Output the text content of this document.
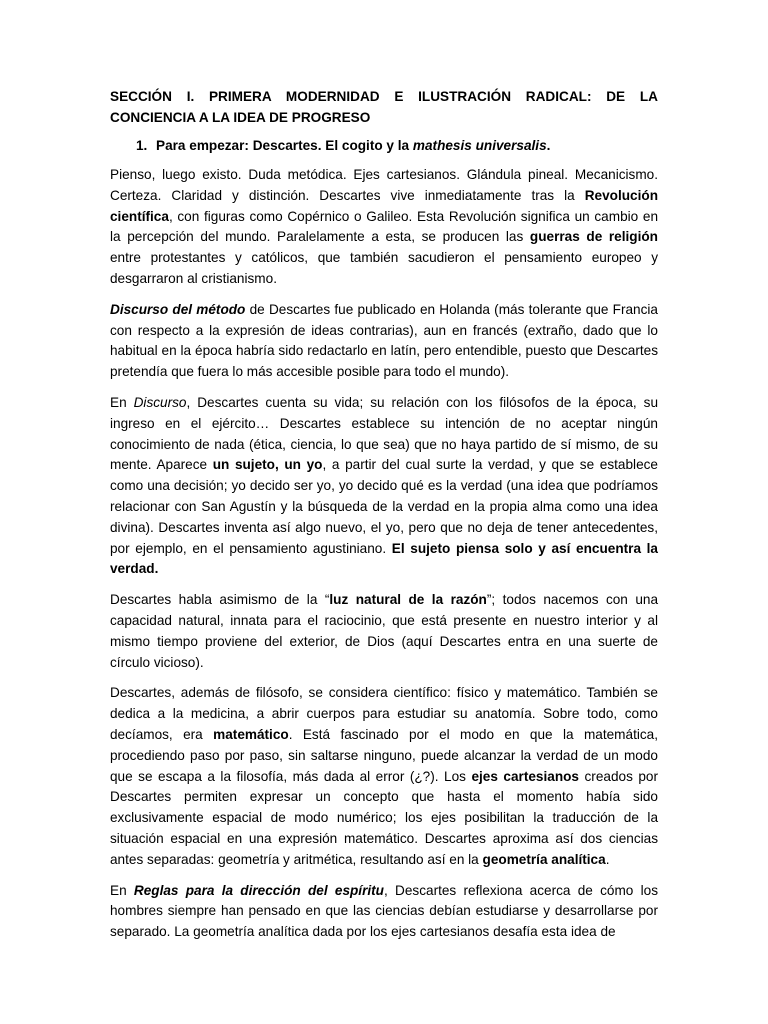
SECCIÓN I. PRIMERA MODERNIDAD E ILUSTRACIÓN RADICAL: DE LA CONCIENCIA A LA IDEA DE PROGRESO
1. Para empezar: Descartes. El cogito y la mathesis universalis.

Pienso, luego existo. Duda metódica. Ejes cartesianos. Glándula pineal. Mecanicismo. Certeza. Claridad y distinción. Descartes vive inmediatamente tras la Revolución científica, con figuras como Copérnico o Galileo. Esta Revolución significa un cambio en la percepción del mundo. Paralelamente a esta, se producen las guerras de religión entre protestantes y católicos, que también sacudieron el pensamiento europeo y desgarraron al cristianismo.

Discurso del método de Descartes fue publicado en Holanda (más tolerante que Francia con respecto a la expresión de ideas contrarias), aun en francés (extraño, dado que lo habitual en la época habría sido redactarlo en latín, pero entendible, puesto que Descartes pretendía que fuera lo más accesible posible para todo el mundo).

En Discurso, Descartes cuenta su vida; su relación con los filósofos de la época, su ingreso en el ejército… Descartes establece su intención de no aceptar ningún conocimiento de nada (ética, ciencia, lo que sea) que no haya partido de sí mismo, de su mente. Aparece un sujeto, un yo, a partir del cual surte la verdad, y que se establece como una decisión; yo decido ser yo, yo decido qué es la verdad (una idea que podríamos relacionar con San Agustín y la búsqueda de la verdad en la propia alma como una idea divina). Descartes inventa así algo nuevo, el yo, pero que no deja de tener antecedentes, por ejemplo, en el pensamiento agustiniano. El sujeto piensa solo y así encuentra la verdad.

Descartes habla asimismo de la “luz natural de la razón”; todos nacemos con una capacidad natural, innata para el raciocinio, que está presente en nuestro interior y al mismo tiempo proviene del exterior, de Dios (aquí Descartes entra en una suerte de círculo vicioso).

Descartes, además de filósofo, se considera científico: físico y matemático. También se dedica a la medicina, a abrir cuerpos para estudiar su anatomía. Sobre todo, como decíamos, era matemático. Está fascinado por el modo en que la matemática, procediendo paso por paso, sin saltarse ninguno, puede alcanzar la verdad de un modo que se escapa a la filosofía, más dada al error (¿?). Los ejes cartesianos creados por Descartes permiten expresar un concepto que hasta el momento había sido exclusivamente espacial de modo numérico; los ejes posibilitan la traducción de la situación espacial en una expresión matemático. Descartes aproxima así dos ciencias antes separadas: geometría y aritmética, resultando así en la geometría analítica.

En Reglas para la dirección del espíritu, Descartes reflexiona acerca de cómo los hombres siempre han pensado en que las ciencias debían estudiarse y desarrollarse por separado. La geometría analítica dada por los ejes cartesianos desafía esta idea de
